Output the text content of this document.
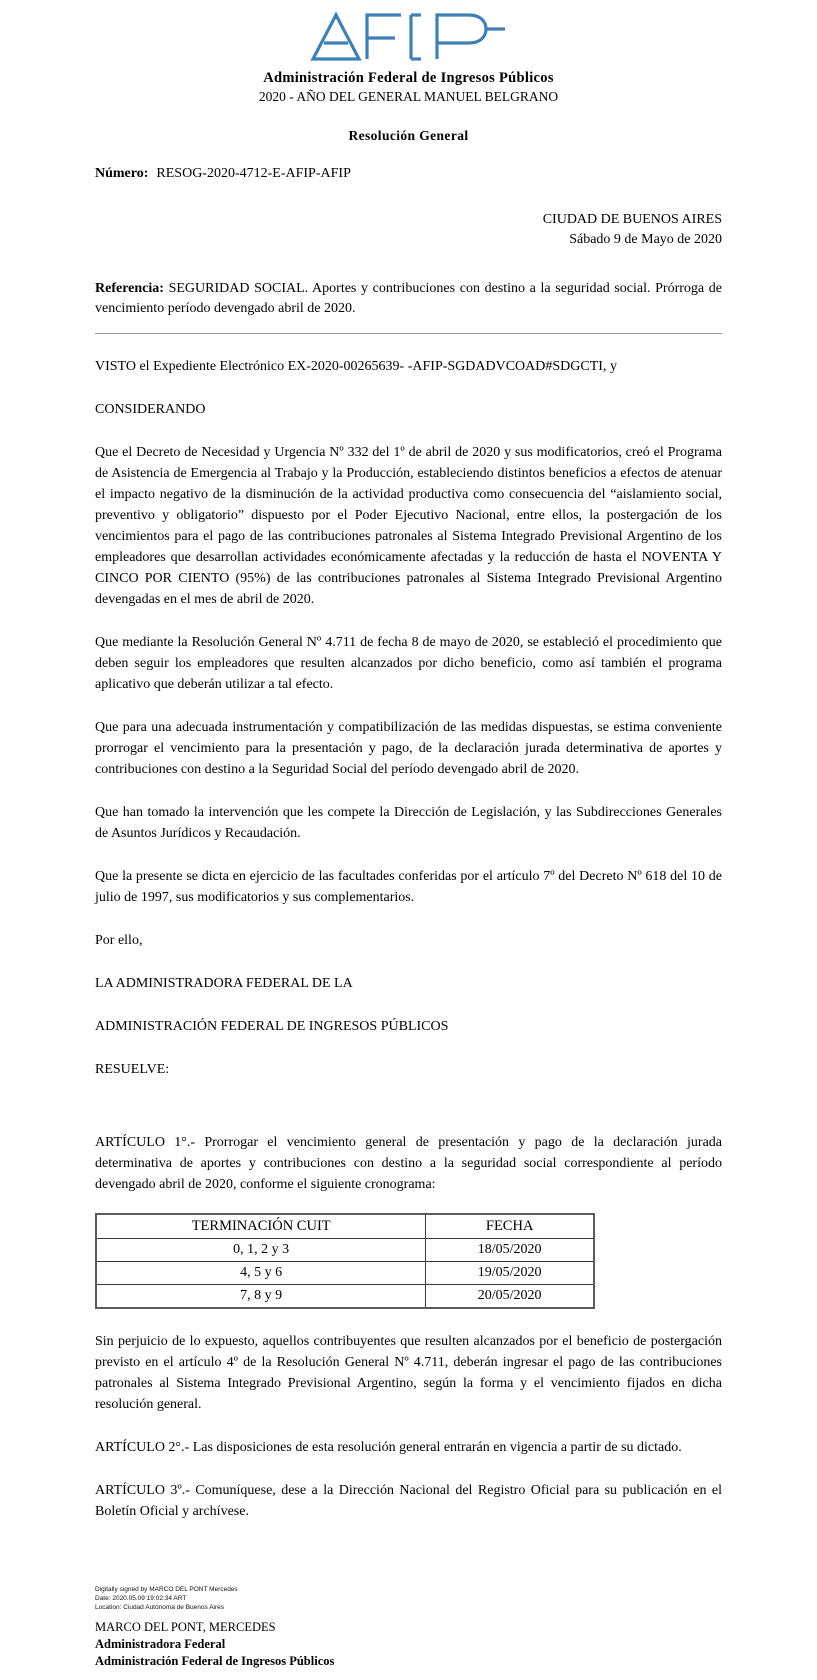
Administración Federal de Ingresos Públicos
2020 - AÑO DEL GENERAL MANUEL BELGRANO
Resolución General
Número: RESOG-2020-4712-E-AFIP-AFIP
CIUDAD DE BUENOS AIRES
Sábado 9 de Mayo de 2020
Referencia: SEGURIDAD SOCIAL. Aportes y contribuciones con destino a la seguridad social. Prórroga de vencimiento período devengado abril de 2020.

VISTO el Expediente Electrónico EX-2020-00265639- -AFIP-SGDADVCOAD#SDGCTI, y

CONSIDERANDO

Que el Decreto de Necesidad y Urgencia Nº 332 del 1º de abril de 2020 y sus modificatorios, creó el Programa de Asistencia de Emergencia al Trabajo y la Producción, estableciendo distintos beneficios a efectos de atenuar el impacto negativo de la disminución de la actividad productiva como consecuencia del “aislamiento social, preventivo y obligatorio” dispuesto por el Poder Ejecutivo Nacional, entre ellos, la postergación de los vencimientos para el pago de las contribuciones patronales al Sistema Integrado Previsional Argentino de los empleadores que desarrollan actividades económicamente afectadas y la reducción de hasta el NOVENTA Y CINCO POR CIENTO (95%) de las contribuciones patronales al Sistema Integrado Previsional Argentino devengadas en el mes de abril de 2020.

Que mediante la Resolución General Nº 4.711 de fecha 8 de mayo de 2020, se estableció el procedimiento que deben seguir los empleadores que resulten alcanzados por dicho beneficio, como así también el programa aplicativo que deberán utilizar a tal efecto.

Que para una adecuada instrumentación y compatibilización de las medidas dispuestas, se estima conveniente prorrogar el vencimiento para la presentación y pago, de la declaración jurada determinativa de aportes y contribuciones con destino a la Seguridad Social del período devengado abril de 2020.

Que han tomado la intervención que les compete la Dirección de Legislación, y las Subdirecciones Generales de Asuntos Jurídicos y Recaudación.

Que la presente se dicta en ejercicio de las facultades conferidas por el artículo 7º del Decreto Nº 618 del 10 de julio de 1997, sus modificatorios y sus complementarios.

Por ello,

LA ADMINISTRADORA FEDERAL DE LA

ADMINISTRACIÓN FEDERAL DE INGRESOS PÚBLICOS

RESUELVE:

ARTÍCULO 1°.- Prorrogar el vencimiento general de presentación y pago de la declaración jurada determinativa de aportes y contribuciones con destino a la seguridad social correspondiente al período devengado abril de 2020, conforme el siguiente cronograma:

TERMINACIÓN CUIT	FECHA
0, 1, 2 y 3	18/05/2020
4, 5 y 6	19/05/2020
7, 8 y 9	20/05/2020

Sin perjuicio de lo expuesto, aquellos contribuyentes que resulten alcanzados por el beneficio de postergación previsto en el artículo 4º de la Resolución General Nº 4.711, deberán ingresar el pago de las contribuciones patronales al Sistema Integrado Previsional Argentino, según la forma y el vencimiento fijados en dicha resolución general.

ARTÍCULO 2°.- Las disposiciones de esta resolución general entrarán en vigencia a partir de su dictado.

ARTÍCULO 3º.- Comuníquese, dese a la Dirección Nacional del Registro Oficial para su publicación en el Boletín Oficial y archívese.

Digitally signed by MARCO DEL PONT Mercedes
Date: 2020.05.09 19:02:34 ART
Location: Ciudad Autónoma de Buenos Aires
MARCO DEL PONT, MERCEDES
Administradora Federal
Administración Federal de Ingresos Públicos
